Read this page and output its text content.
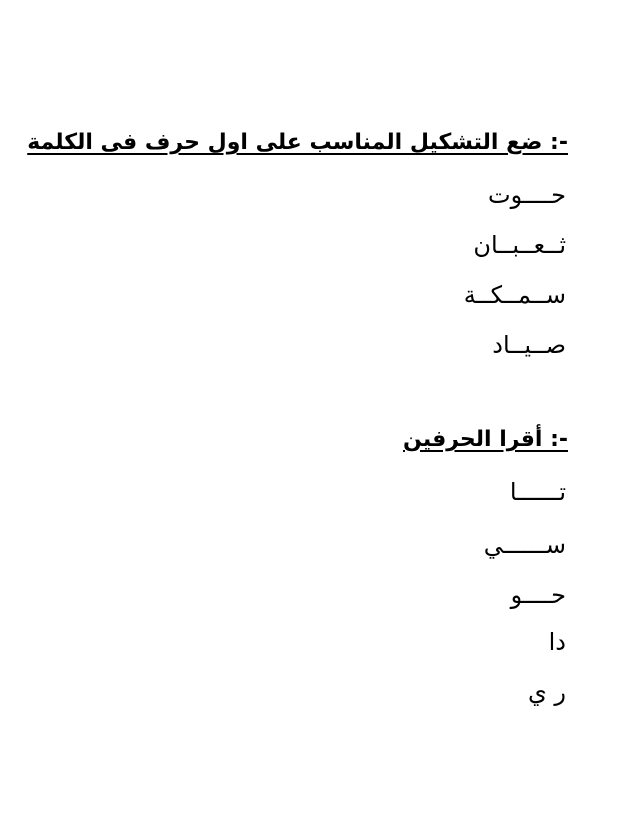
-: ضع التشكيل المناسب على اول حرف فى الكلمة
حــــوت
ثــعــبــان
ســمــكــة
صــيــاد
-: أقرا الحرفين
تــــــا
ســــــي
حــــو
دا
ر ي
